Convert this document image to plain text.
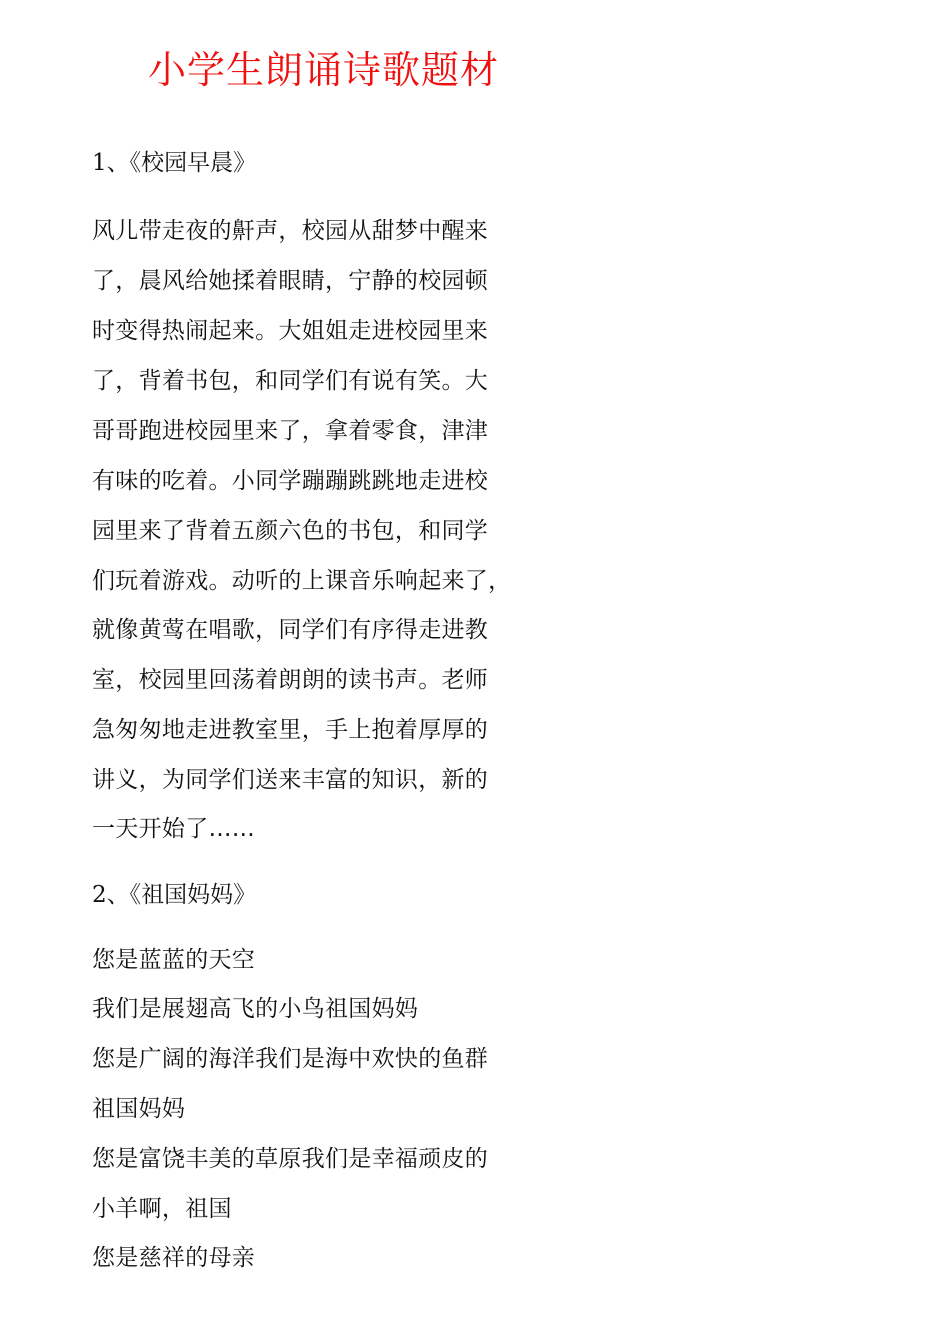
小学生朗诵诗歌题材
1、《校园早晨》
风儿带走夜的鼾声，校园从甜梦中醒来
了，晨风给她揉着眼睛，宁静的校园顿
时变得热闹起来。大姐姐走进校园里来
了，背着书包，和同学们有说有笑。大
哥哥跑进校园里来了，拿着零食，津津
有味的吃着。小同学蹦蹦跳跳地走进校
园里来了背着五颜六色的书包，和同学
们玩着游戏。动听的上课音乐响起来了，
就像黄莺在唱歌，同学们有序得走进教
室，校园里回荡着朗朗的读书声。老师
急匆匆地走进教室里，手上抱着厚厚的
讲义，为同学们送来丰富的知识，新的
一天开始了……
2、《祖国妈妈》
您是蓝蓝的天空
我们是展翅高飞的小鸟祖国妈妈
您是广阔的海洋我们是海中欢快的鱼群
祖国妈妈
您是富饶丰美的草原我们是幸福顽皮的
小羊啊，祖国
您是慈祥的母亲
